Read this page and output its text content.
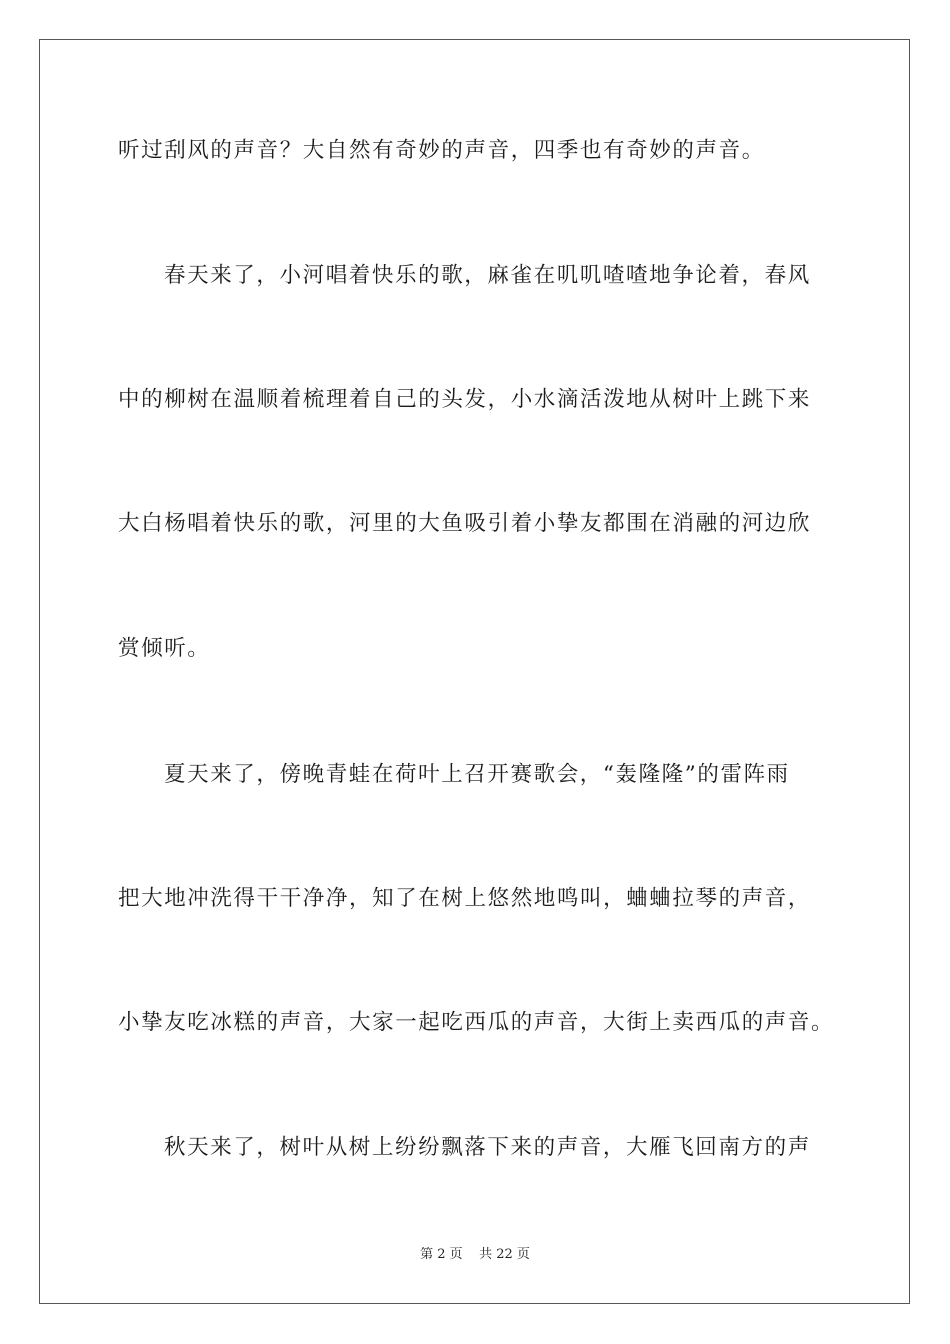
听过刮风的声音？大自然有奇妙的声音，四季也有奇妙的声音。
春天来了，小河唱着快乐的歌，麻雀在叽叽喳喳地争论着，春风
中的柳树在温顺着梳理着自己的头发，小水滴活泼地从树叶上跳下来
大白杨唱着快乐的歌，河里的大鱼吸引着小挚友都围在消融的河边欣
赏倾听。
夏天来了，傍晚青蛙在荷叶上召开赛歌会，“轰隆隆”的雷阵雨
把大地冲洗得干干净净，知了在树上悠然地鸣叫，蛐蛐拉琴的声音，
小挚友吃冰糕的声音，大家一起吃西瓜的声音，大街上卖西瓜的声音。
秋天来了，树叶从树上纷纷飘落下来的声音，大雁飞回南方的声
第 2 页    共 22 页
